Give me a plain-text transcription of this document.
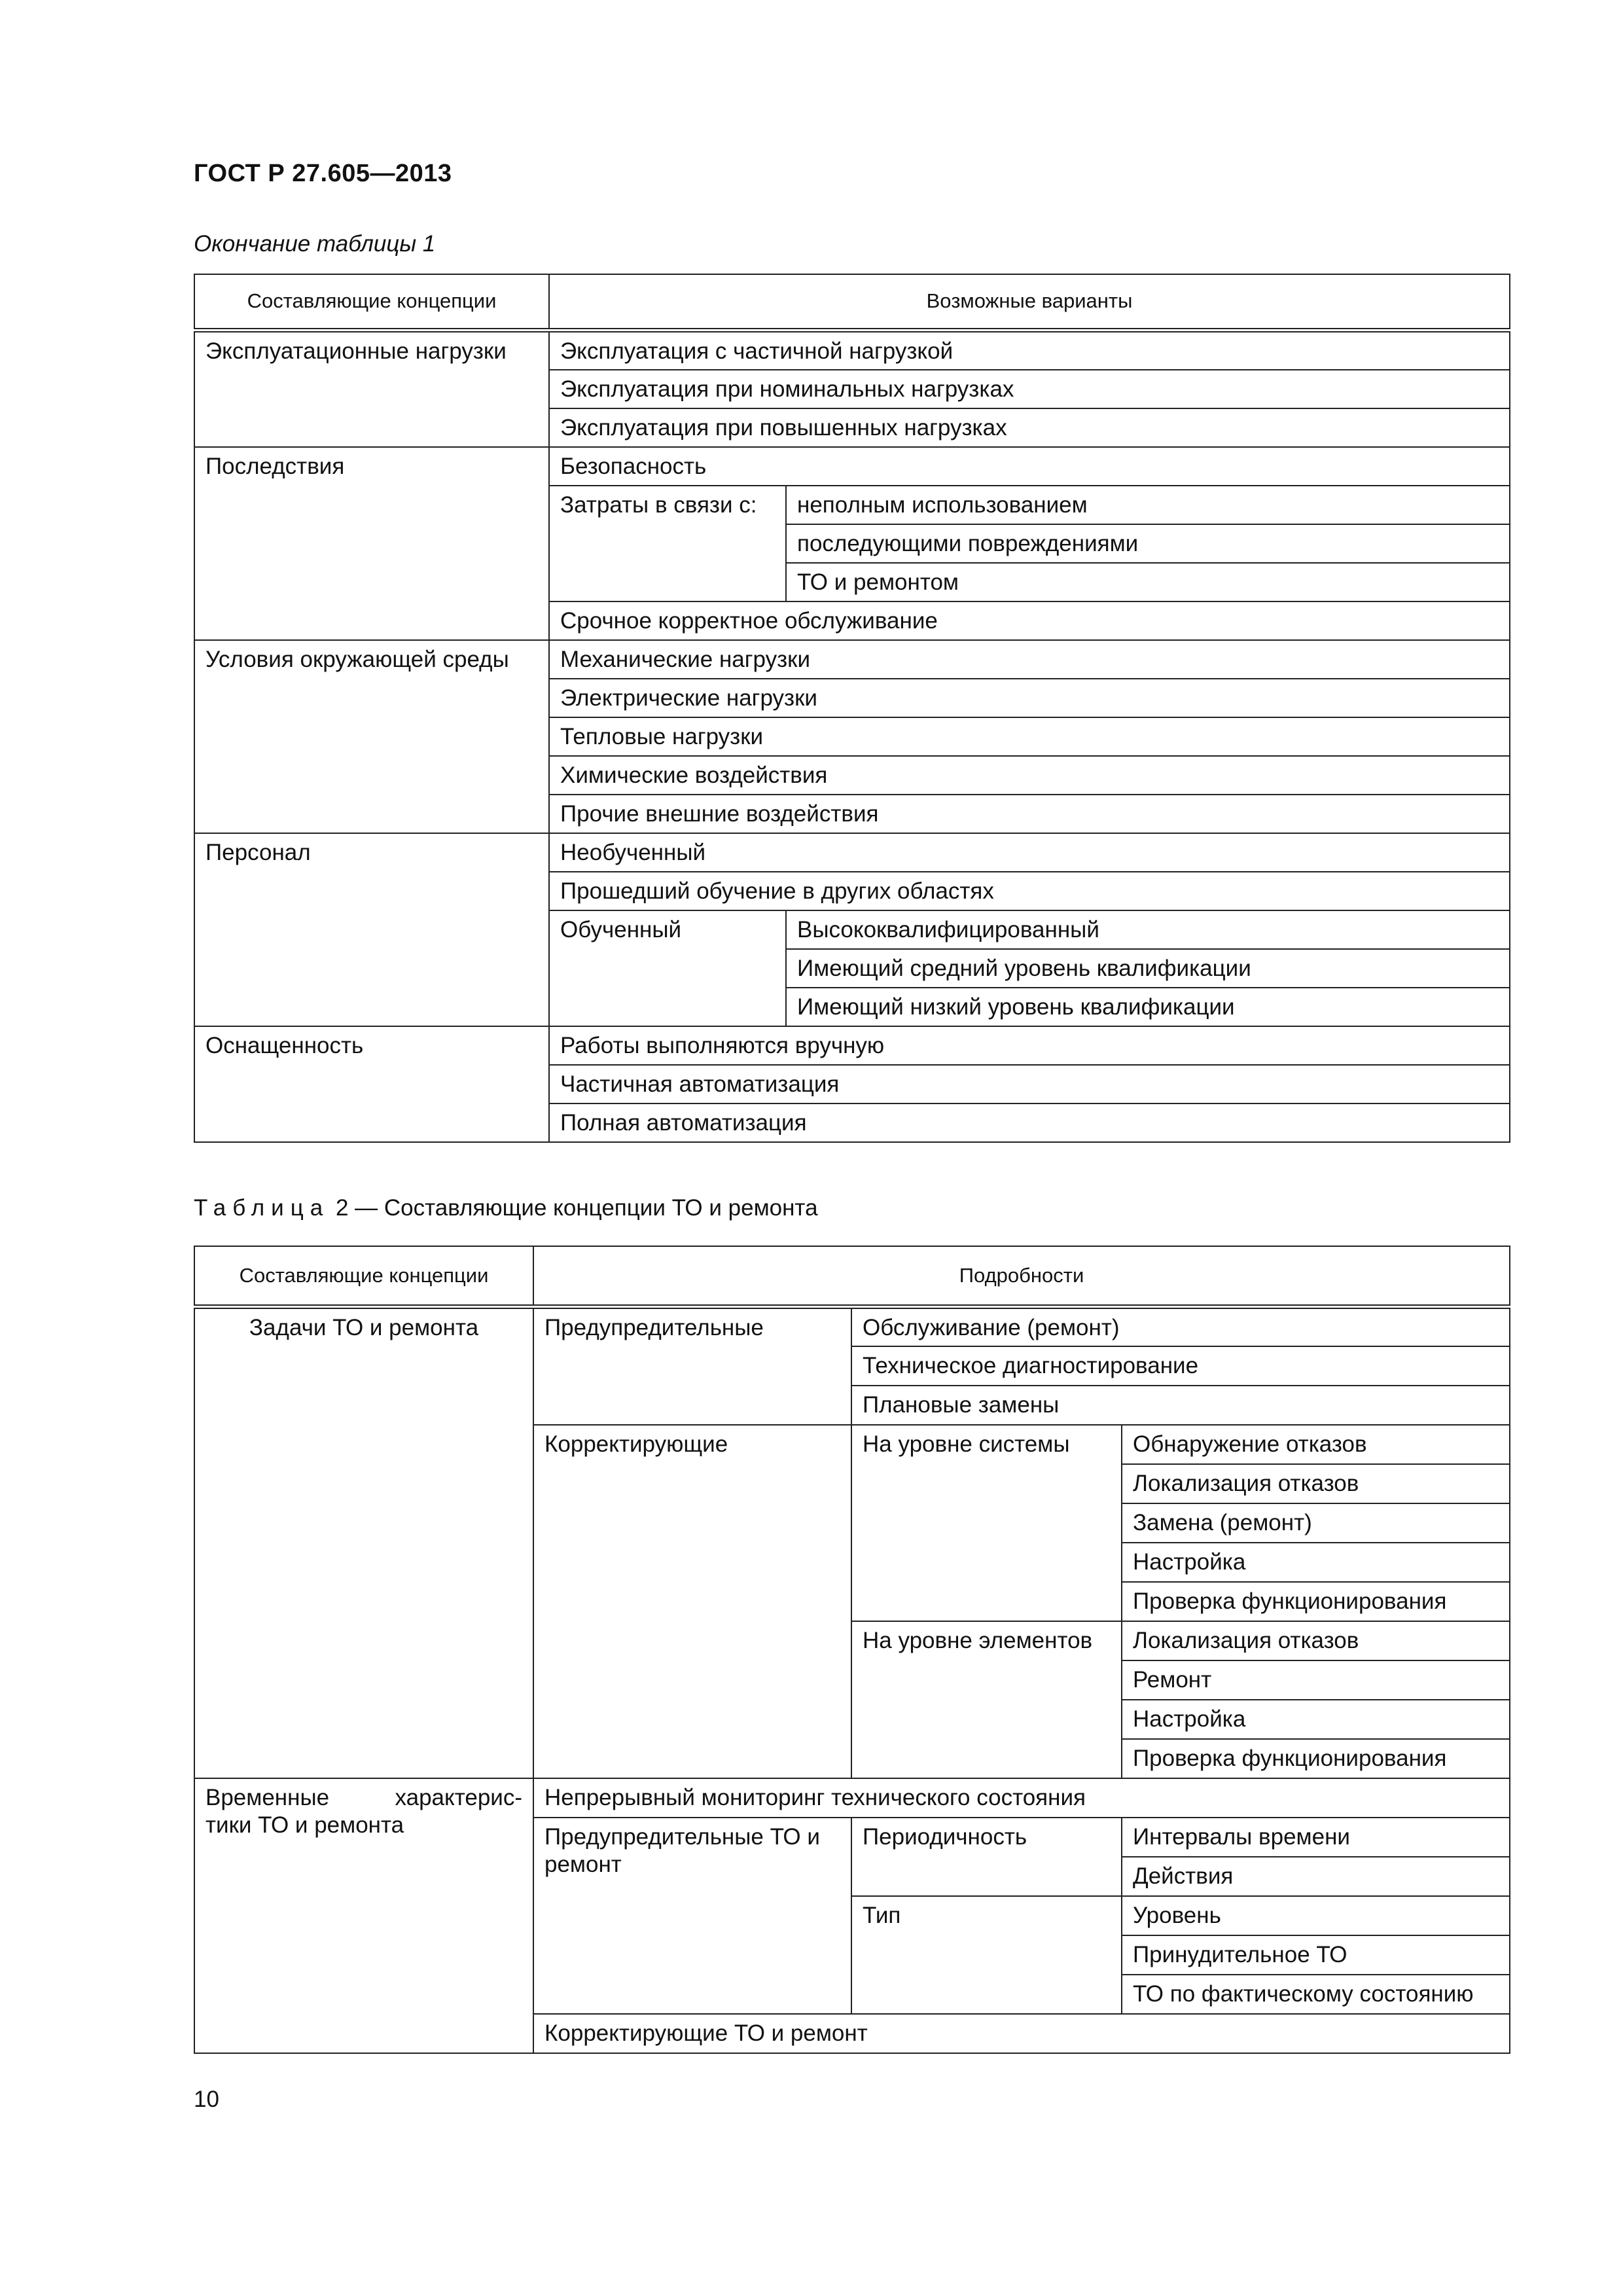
ГОСТ Р 27.605—2013
Окончание таблицы 1
Составляющие концепции	Возможные варианты	
Эксплуатационные нагрузки	Эксплуатация с частичной нагрузкой	
	Эксплуатация при номинальных нагрузках	
	Эксплуатация при повышенных нагрузках	
Последствия	Безопасность	
	Затраты в связи с:	неполным использованием
		последующими повреждениями
		ТО и ремонтом
	Срочное корректное обслуживание	
Условия окружающей среды	Механические нагрузки	
	Электрические нагрузки	
	Тепловые нагрузки	
	Химические воздействия	
	Прочие внешние воздействия	
Персонал	Необученный	
	Прошедший обучение в других областях	
	Обученный	Высококвалифицированный
		Имеющий средний уровень квалификации
		Имеющий низкий уровень квалификации
Оснащенность	Работы выполняются вручную	
	Частичная автоматизация	
	Полная автоматизация	
Таблица 2 — Составляющие концепции ТО и ремонта
Составляющие концепции	Подробности		
Задачи ТО и ремонта	Предупредительные	Обслуживание (ремонт)	
		Техническое диагностирование	
		Плановые замены	
	Корректирующие	На уровне системы	Обнаружение отказов
			Локализация отказов
			Замена (ремонт)
			Настройка
			Проверка функционирования
		На уровне элементов	Локализация отказов
			Ремонт
			Настройка
			Проверка функционирования

Временные характерис-
тики ТО и ремонта	Непрерывный мониторинг технического состояния		
	Предупредительные ТО и ремонт	Периодичность	Интервалы времени
			Действия
		Тип	Уровень
			Принудительное ТО
			ТО по фактическому состоянию
	Корректирующие ТО и ремонт		
10
